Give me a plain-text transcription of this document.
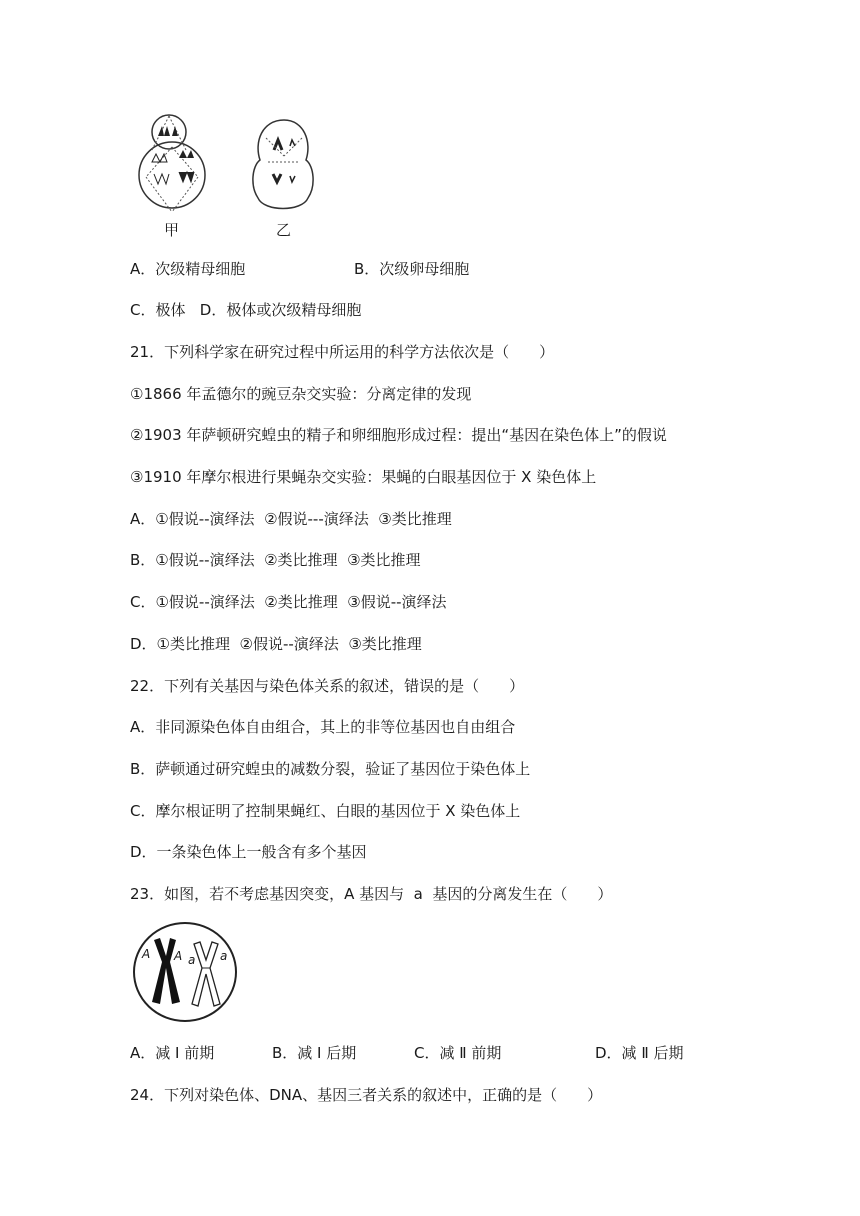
甲	乙
A．次级精母细胞	B．次级卵母细胞
C．极体   D．极体或次级精母细胞
21．下列科学家在研究过程中所运用的科学方法依次是（　　）
①1866 年孟德尔的豌豆杂交实验：分离定律的发现
②1903 年萨顿研究蝗虫的精子和卵细胞形成过程：提出“基因在染色体上”的假说
③1910 年摩尔根进行果蝇杂交实验：果蝇的白眼基因位于 X 染色体上
A．①假说--演绎法  ②假说---演绎法  ③类比推理
B．①假说--演绎法  ②类比推理  ③类比推理
C．①假说--演绎法  ②类比推理  ③假说--演绎法
D．①类比推理  ②假说--演绎法  ③类比推理
22．下列有关基因与染色体关系的叙述，错误的是（　　）
A．非同源染色体自由组合，其上的非等位基因也自由组合
B．萨顿通过研究蝗虫的减数分裂，验证了基因位于染色体上
C．摩尔根证明了控制果蝇红、白眼的基因位于 X 染色体上
D．一条染色体上一般含有多个基因
23．如图，若不考虑基因突变，A 基因与  a  基因的分离发生在（　　）
A A a a
A．减 Ⅰ 前期	B．减 Ⅰ 后期	C．减 Ⅱ 前期	D．减 Ⅱ 后期
24．下列对染色体、DNA、基因三者关系的叙述中，正确的是（　　）
